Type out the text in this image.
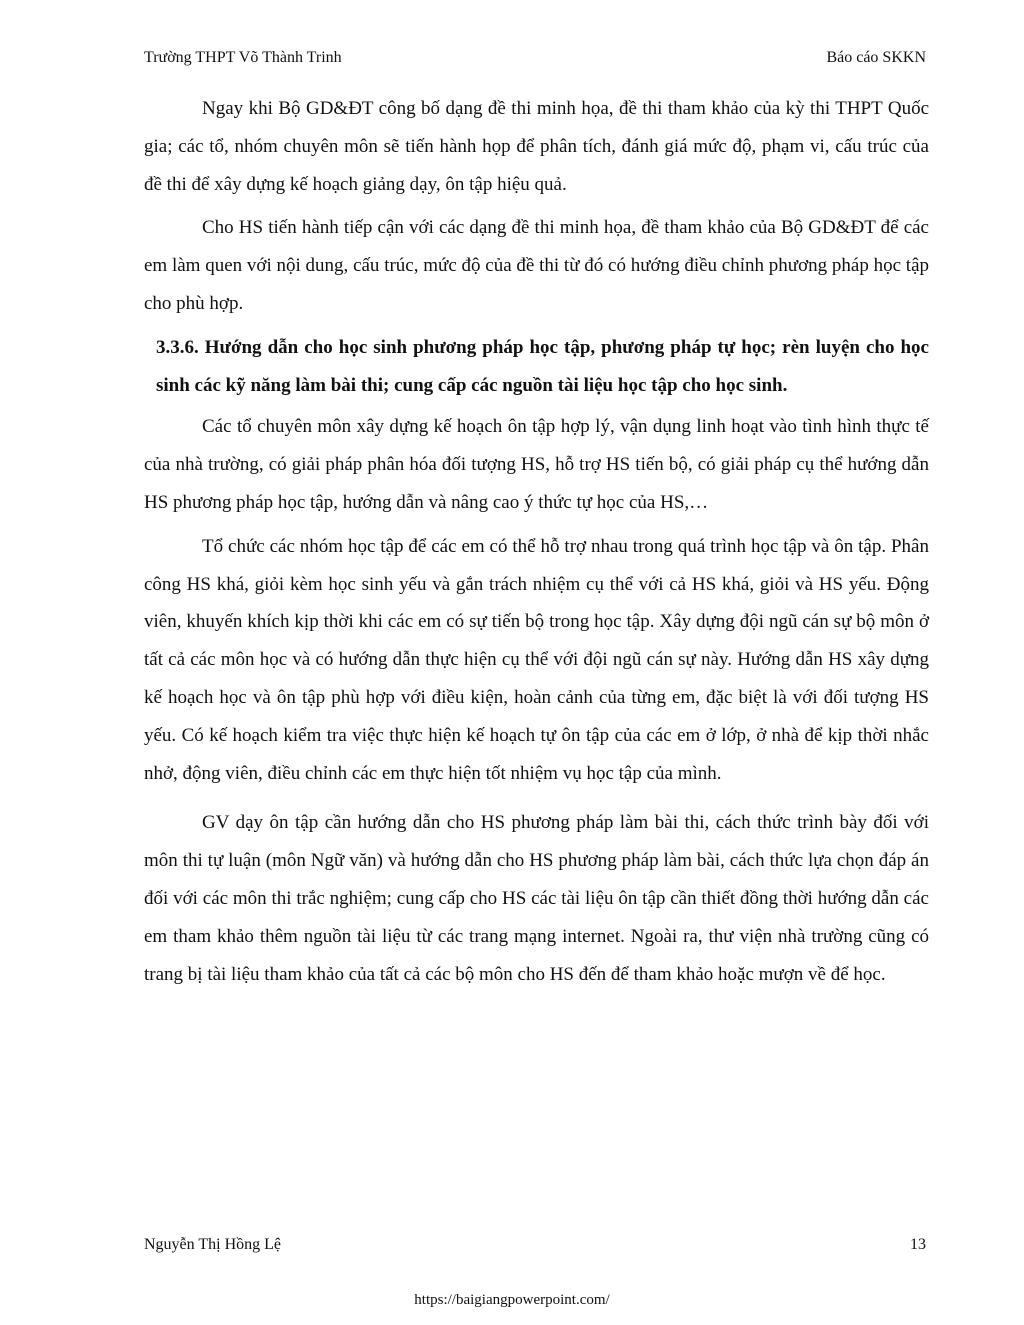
Trường THPT Võ Thành Trinh	Báo cáo SKKN

Ngay khi Bộ GD&ĐT công bố dạng đề thi minh họa, đề thi tham khảo của kỳ thi THPT Quốc gia; các tổ, nhóm chuyên môn sẽ tiến hành họp để phân tích, đánh giá mức độ, phạm vi, cấu trúc của đề thi để xây dựng kế hoạch giảng dạy, ôn tập hiệu quả.

Cho HS tiến hành tiếp cận với các dạng đề thi minh họa, đề tham khảo của Bộ GD&ĐT để các em làm quen với nội dung, cấu trúc, mức độ của đề thi từ đó có hướng điều chỉnh phương pháp học tập cho phù hợp.

3.3.6. Hướng dẫn cho học sinh phương pháp học tập, phương pháp tự học; rèn luyện cho học sinh các kỹ năng làm bài thi; cung cấp các nguồn tài liệu học tập cho học sinh.

Các tổ chuyên môn xây dựng kế hoạch ôn tập hợp lý, vận dụng linh hoạt vào tình hình thực tế của nhà trường, có giải pháp phân hóa đối tượng HS, hỗ trợ HS tiến bộ, có giải pháp cụ thể hướng dẫn HS phương pháp học tập, hướng dẫn và nâng cao ý thức tự học của HS,…

Tổ chức các nhóm học tập để các em có thể hỗ trợ nhau trong quá trình học tập và ôn tập. Phân công HS khá, giỏi kèm học sinh yếu và gắn trách nhiệm cụ thể với cả HS khá, giỏi và HS yếu. Động viên, khuyến khích kịp thời khi các em có sự tiến bộ trong học tập. Xây dựng đội ngũ cán sự bộ môn ở tất cả các môn học và có hướng dẫn thực hiện cụ thể với đội ngũ cán sự này. Hướng dẫn HS xây dựng kế hoạch học và ôn tập phù hợp với điều kiện, hoàn cảnh của từng em, đặc biệt là với đối tượng HS yếu. Có kế hoạch kiểm tra việc thực hiện kế hoạch tự ôn tập của các em ở lớp, ở nhà để kịp thời nhắc nhở, động viên, điều chỉnh các em thực hiện tốt nhiệm vụ học tập của mình.

GV dạy ôn tập cần hướng dẫn cho HS phương pháp làm bài thi, cách thức trình bày đối với môn thi tự luận (môn Ngữ văn) và hướng dẫn cho HS phương pháp làm bài, cách thức lựa chọn đáp án đối với các môn thi trắc nghiệm; cung cấp cho HS các tài liệu ôn tập cần thiết đồng thời hướng dẫn các em tham khảo thêm nguồn tài liệu từ các trang mạng internet. Ngoài ra, thư viện nhà trường cũng có trang bị tài liệu tham khảo của tất cả các bộ môn cho HS đến để tham khảo hoặc mượn về để học.

Nguyễn Thị Hồng Lệ	13
https://baigiangpowerpoint.com/
